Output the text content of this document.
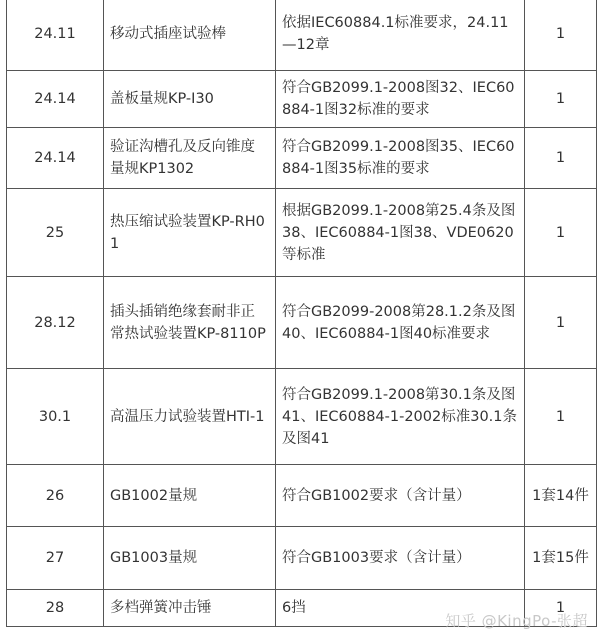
24.11	移动式插座试验棒	依据IEC60884.1标准要求，24.11—12章	1
24.14	盖板量规KP-I30	符合GB2099.1-2008图32、IEC60884-1图32标准的要求	1
24.14	验证沟槽孔及反向锥度量规KP1302	符合GB2099.1-2008图35、IEC60884-1图35标准的要求	1
25	热压缩试验装置KP-RH01	根据GB2099.1-2008第25.4条及图38、IEC60884-1图38、VDE0620等标准	1
28.12	插头插销绝缘套耐非正常热试验装置KP-8110P	符合GB2099-2008第28.1.2条及图40、IEC60884-1图40标准要求	1
30.1	高温压力试验装置HTI-1	符合GB2099.1-2008第30.1条及图41、IEC60884-1-2002标准30.1条及图41	1
26	GB1002量规	符合GB1002要求（含计量）	1套14件
27	GB1003量规	符合GB1003要求（含计量）	1套15件
28	多档弹簧冲击锤	6挡	1
知乎 @KingPo-张超
